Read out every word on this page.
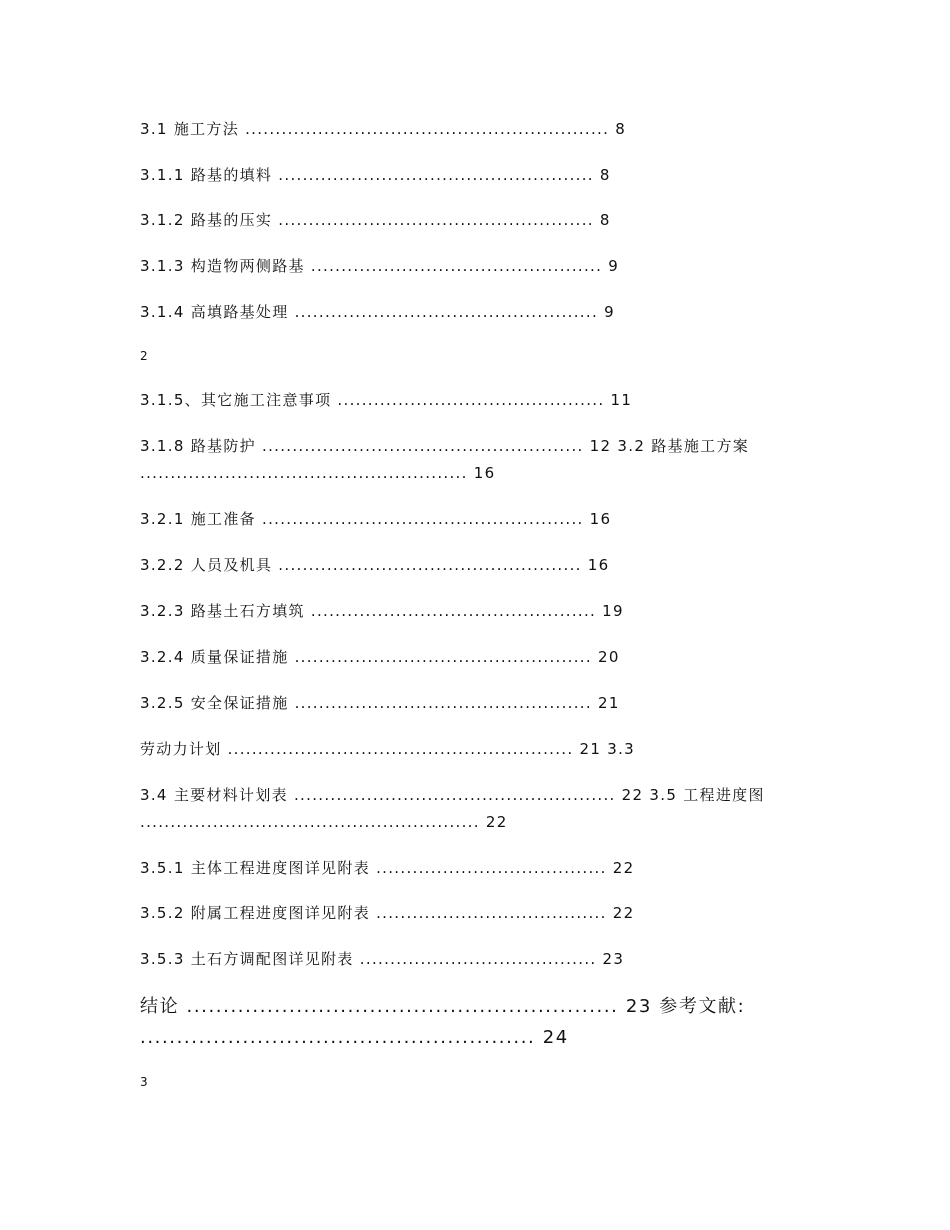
3.1 施工方法 ............................................................ 8
3.1.1 路基的填料 .................................................... 8
3.1.2 路基的压实 .................................................... 8
3.1.3 构造物两侧路基 ................................................ 9
3.1.4 高填路基处理 .................................................. 9
2
3.1.5、其它施工注意事项 ............................................ 11
3.1.8 路基防护 ..................................................... 12 3.2 路基施工方案
...................................................... 16
3.2.1 施工准备 ..................................................... 16
3.2.2 人员及机具 .................................................. 16
3.2.3 路基土石方填筑 ............................................... 19
3.2.4 质量保证措施 ................................................. 20
3.2.5 安全保证措施 ................................................. 21
劳动力计划 ......................................................... 21 3.3
3.4 主要材料计划表 ..................................................... 22 3.5 工程进度图
........................................................ 22
3.5.1 主体工程进度图详见附表 ...................................... 22
3.5.2 附属工程进度图详见附表 ...................................... 22
3.5.3 土石方调配图详见附表 ....................................... 23
结论 ........................................................... 23 参考文献:
...................................................... 24
3
